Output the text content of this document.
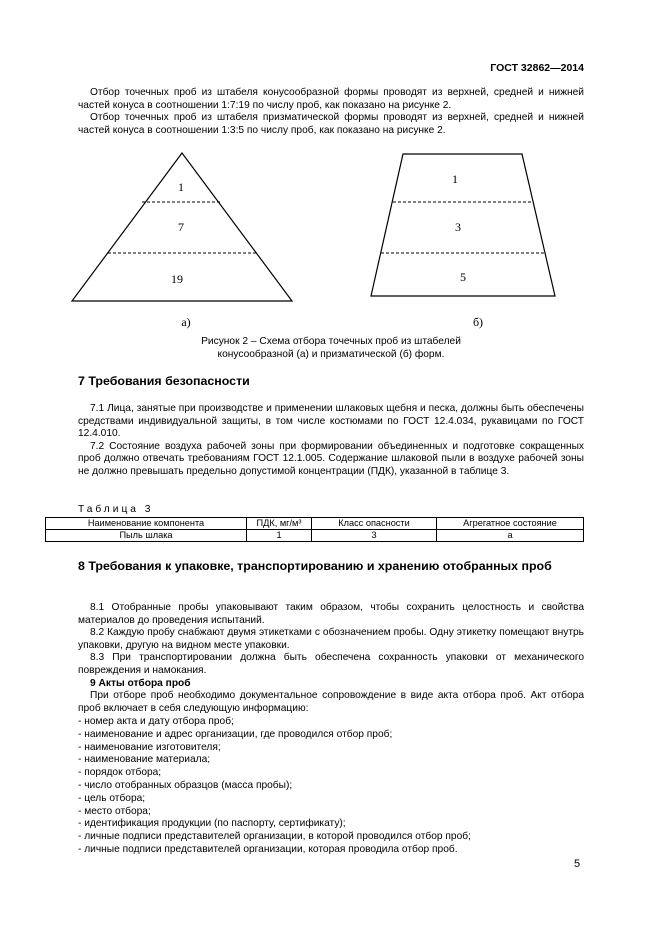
ГОСТ 32862—2014

Отбор точечных проб из штабеля конусообразной формы проводят из верхней, средней и нижней частей конуса в соотношении 1:7:19 по числу проб, как показано на рисунке 2.

Отбор точечных проб из штабеля призматической формы проводят из верхней, средней и нижней частей конуса в соотношении 1:3:5 по числу проб, как показано на рисунке 2.

1
7
19
а)
1
3
5
б)
Рисунок 2 – Схема отбора точечных проб из штабелей
конусообразной (а) и призматической (б) форм.
7 Требования безопасности

7.1 Лица, занятые при производстве и применении шлаковых щебня и песка, должны быть обеспечены средствами индивидуальной защиты, в том числе костюмами по ГОСТ 12.4.034, рукавицами по ГОСТ 12.4.010.

7.2 Состояние воздуха рабочей зоны при формировании объединенных и подготовке сокращенных проб должно отвечать требованиям ГОСТ 12.1.005. Содержание шлаковой пыли в воздухе рабочей зоны не должно превышать предельно допустимой концентрации (ПДК), указанной в таблице 3.

Таблица 3
Наименование компонента	ПДК, мг/м³	Класс опасности	Агрегатное состояние
Пыль шлака	1	3	а
8 Требования к упаковке, транспортированию и хранению отобранных проб

8.1 Отобранные пробы упаковывают таким образом, чтобы сохранить целостность и свойства материалов до проведения испытаний.

8.2 Каждую пробу снабжают двумя этикетками с обозначением пробы. Одну этикетку помещают внутрь упаковки, другую на видном месте упаковки.

8.3 При транспортировании должна быть обеспечена сохранность упаковки от механического повреждения и намокания.

9 Акты отбора проб

При отборе проб необходимо документальное сопровождение в виде акта отбора проб. Акт отбора проб включает в себя следующую информацию:

- номер акта и дату отбора проб;
- наименование и адрес организации, где проводился отбор проб;
- наименование изготовителя;
- наименование материала;
- порядок отбора;
- число отобранных образцов (масса пробы);
- цель отбора;
- место отбора;
- идентификация продукции (по паспорту, сертификату);
- личные подписи представителей организации, в которой проводился отбор проб;
- личные подписи представителей организации, которая проводила отбор проб.
5
